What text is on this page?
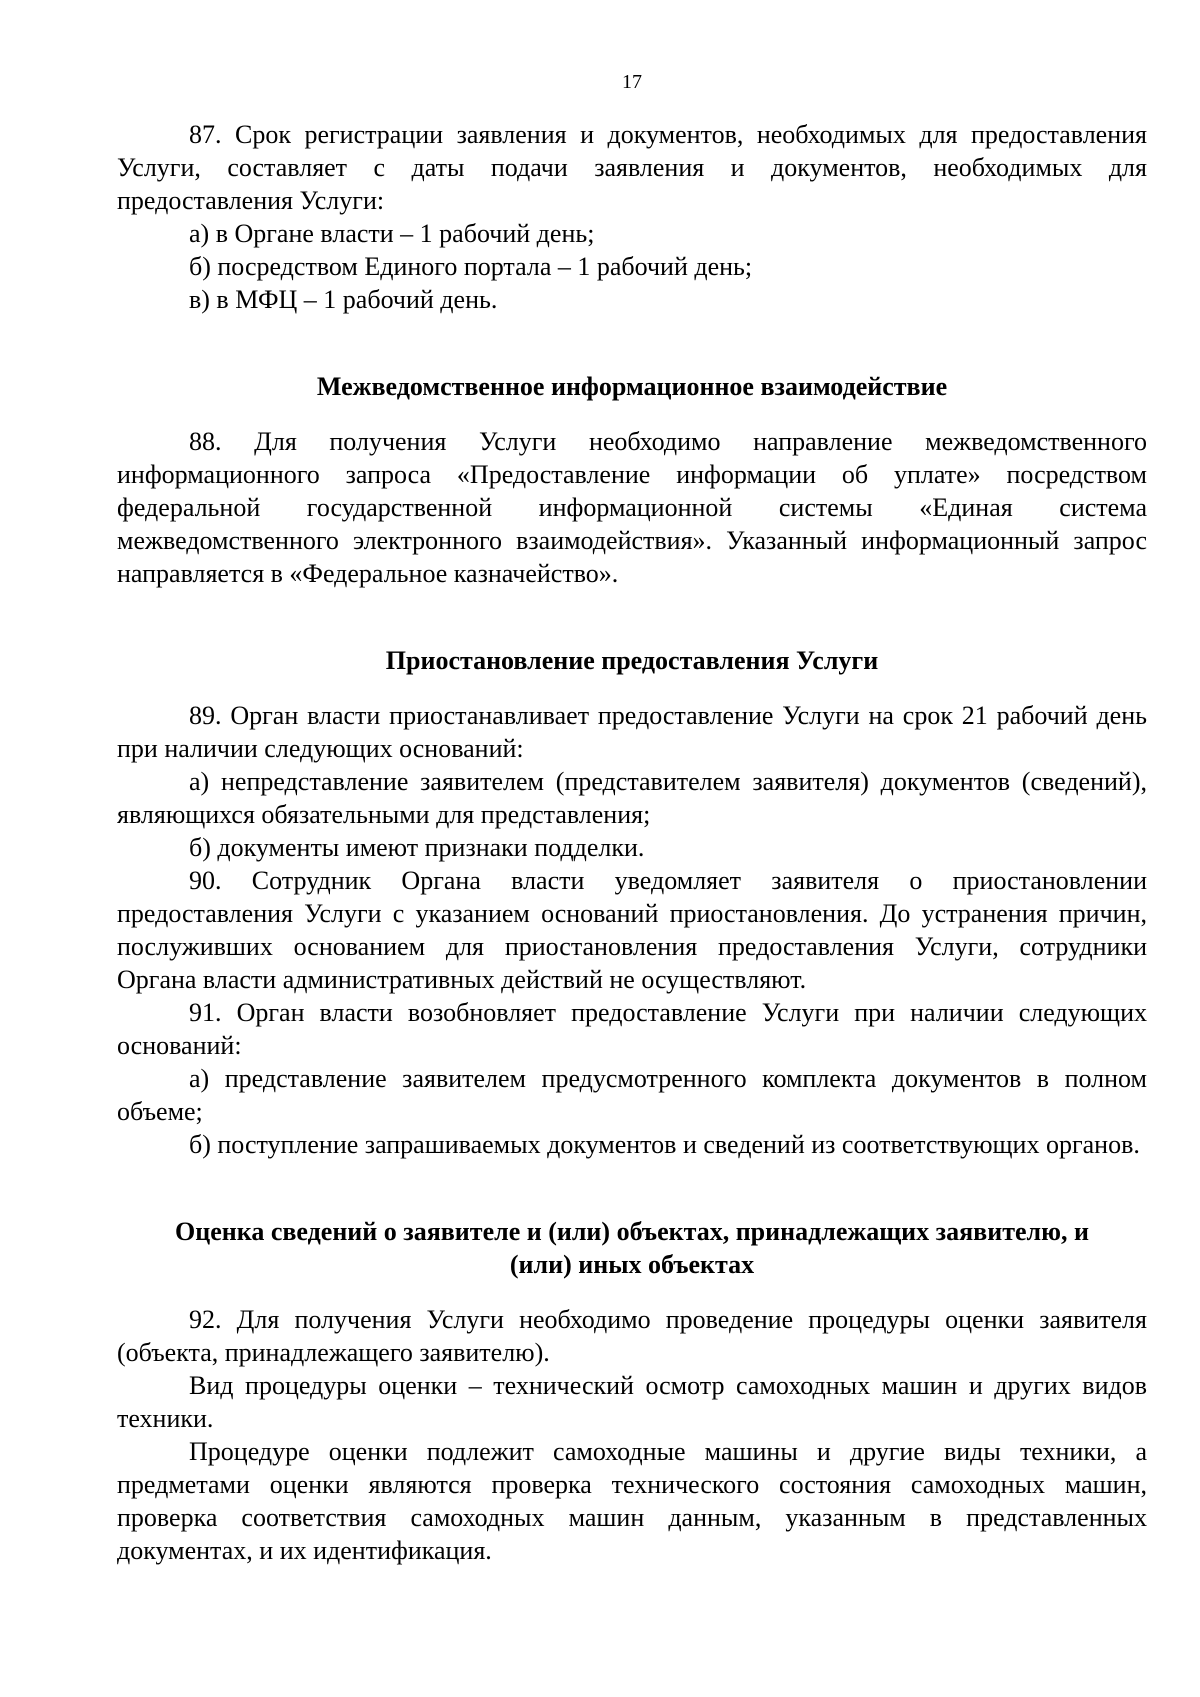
17

87. Срок регистрации заявления и документов, необходимых для предоставления Услуги, составляет с даты подачи заявления и документов, необходимых для предоставления Услуги:

а) в Органе власти – 1 рабочий день;

б) посредством Единого портала – 1 рабочий день;

в) в МФЦ – 1 рабочий день.

Межведомственное информационное взаимодействие

88. Для получения Услуги необходимо направление межведомственного информационного запроса «Предоставление информации об уплате» посредством федеральной государственной информационной системы «Единая система межведомственного электронного взаимодействия». Указанный информационный запрос направляется в «Федеральное казначейство».

Приостановление предоставления Услуги

89. Орган власти приостанавливает предоставление Услуги на срок 21 рабочий день при наличии следующих оснований:

а) непредставление заявителем (представителем заявителя) документов (сведений), являющихся обязательными для представления;

б) документы имеют признаки подделки.

90. Сотрудник Органа власти уведомляет заявителя о приостановлении предоставления Услуги с указанием оснований приостановления. До устранения причин, послуживших основанием для приостановления предоставления Услуги, сотрудники Органа власти административных действий не осуществляют.

91. Орган власти возобновляет предоставление Услуги при наличии следующих оснований:

а) представление заявителем предусмотренного комплекта документов в полном объеме;

б) поступление запрашиваемых документов и сведений из соответствующих органов.

Оценка сведений о заявителе и (или) объектах, принадлежащих заявителю, и
(или) иных объектах

92. Для получения Услуги необходимо проведение процедуры оценки заявителя (объекта, принадлежащего заявителю).

Вид процедуры оценки – технический осмотр самоходных машин и других видов техники.

Процедуре оценки подлежит самоходные машины и другие виды техники, а предметами оценки являются проверка технического состояния самоходных машин, проверка соответствия самоходных машин данным, указанным в представленных документах, и их идентификация.
